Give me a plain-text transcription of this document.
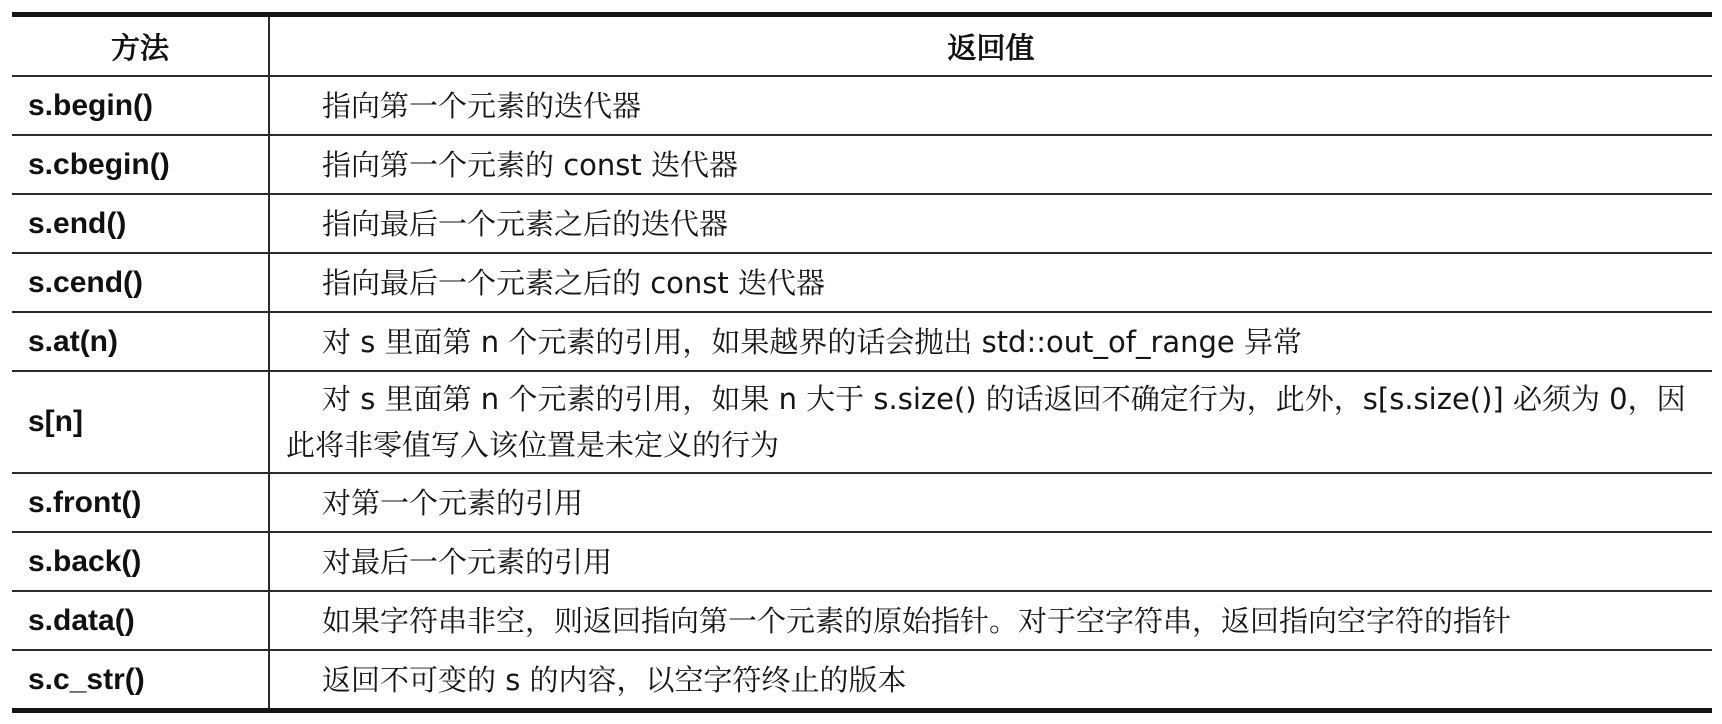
方法	返回值
s.begin()	指向第一个元素的迭代器

s.cbegin()	指向第一个元素的 const 迭代器

s.end()	指向最后一个元素之后的迭代器

s.cend()	指向最后一个元素之后的 const 迭代器

s.at(n)	对 s 里面第 n 个元素的引用，如果越界的话会抛出 std::out_of_range 异常

s[n]	对 s 里面第 n 个元素的引用，如果 n 大于 s.size() 的话返回不确定行为，此外，s[s.size()] 必须为 0，因此将非零值写入该位置是未定义的行为

s.front()	对第一个元素的引用

s.back()	对最后一个元素的引用

s.data()	如果字符串非空，则返回指向第一个元素的原始指针。对于空字符串，返回指向空字符的指针

s.c_str()	返回不可变的 s 的内容，以空字符终止的版本
